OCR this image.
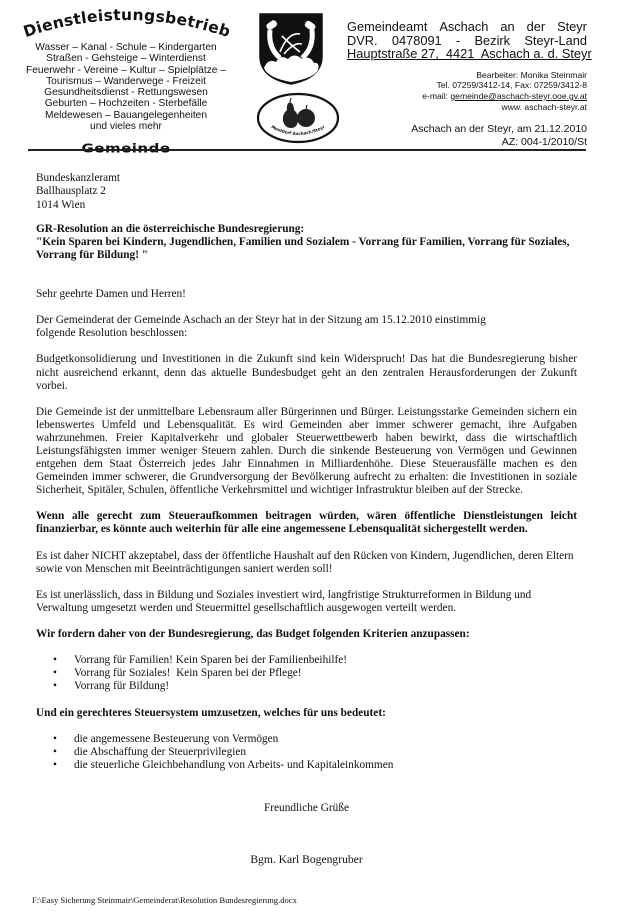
Dienstleistungsbetrieb
Wasser – Kanal - Schule – Kindergarten
Straßen - Gehsteige – Winterdienst
Feuerwehr - Vereine – Kultur – Spielplätze –
Tourismus – Wanderwege - Freizeit
Gesundheitsdienst - Rettungswesen
Geburten – Hochzeiten - Sterbefälle
Meldewesen – Bauangelegenheiten
und vieles mehr	Mostdorf Aschach/Steyr
Gemeindeamt Aschach an der Steyr
DVR. 0478091 - Bezirk Steyr-Land
Hauptstraße 27,  4421  Aschach a. d. Steyr
Bearbeiter: Monika Steinmair
Tel. 07259/3412-14, Fax: 07259/3412-8
e-mail: gemeinde@aschach-steyr.ooe.gv.at
www. aschach-steyr.at
Aschach an der Steyr, am 21.12.2010
AZ: 004-1/2010/St
Bundeskanzleramt
Ballhausplatz 2
1014 Wien

GR-Resolution an die österreichische Bundesregierung:

"Kein Sparen bei Kindern, Jugendlichen, Familien und Sozialem - Vorrang für Familien, Vorrang für Soziales, Vorrang für Bildung! "

Sehr geehrte Damen und Herren!

Der Gemeinderat der Gemeinde Aschach an der Steyr hat in der Sitzung am 15.12.2010 einstimmig folgende Resolution beschlossen:

Budgetkonsolidierung und Investitionen in die Zukunft sind kein Widerspruch! Das hat die Bundesregierung bisher nicht ausreichend erkannt, denn das aktuelle Bundesbudget geht an den zentralen Herausforderungen der Zukunft vorbei.

Die Gemeinde ist der unmittelbare Lebensraum aller Bürgerinnen und Bürger. Leistungsstarke Gemeinden sichern ein lebenswertes Umfeld und Lebensqualität. Es wird Gemeinden aber immer schwerer gemacht, ihre Aufgaben wahrzunehmen. Freier Kapitalverkehr und globaler Steuerwettbewerb haben bewirkt, dass die wirtschaftlich Leistungsfähigsten immer weniger Steuern zahlen. Durch die sinkende Besteuerung von Vermögen und Gewinnen entgehen dem Staat Österreich jedes Jahr Einnahmen in Milliardenhöhe. Diese Steuerausfälle machen es den Gemeinden immer schwerer, die Grundversorgung der Bevölkerung aufrecht zu erhalten: die Investitionen in soziale Sicherheit, Spitäler, Schulen, öffentliche Verkehrsmittel und wichtiger Infrastruktur bleiben auf der Strecke.

Wenn alle gerecht zum Steueraufkommen beitragen würden, wären öffentliche Dienstleistungen leicht finanzierbar, es könnte auch weiterhin für alle eine angemessene Lebensqualität sichergestellt werden.

Es ist daher NICHT akzeptabel, dass der öffentliche Haushalt auf den Rücken von Kindern, Jugendlichen, deren Eltern sowie von Menschen mit Beeinträchtigungen saniert werden soll!

Es ist unerlässlich, dass in Bildung und Soziales investiert wird, langfristige Strukturreformen in Bildung und Verwaltung umgesetzt werden und Steuermittel gesellschaftlich ausgewogen verteilt werden.

Wir fordern daher von der Bundesregierung, das Budget folgenden Kriterien anzupassen:

• Vorrang für Familien! Kein Sparen bei der Familienbeihilfe!
• Vorrang für Soziales!  Kein Sparen bei der Pflege!
• Vorrang für Bildung!

Und ein gerechteres Steuersystem umzusetzen, welches für uns bedeutet:

• die angemessene Besteuerung von Vermögen
• die Abschaffung der Steuerprivilegien
• die steuerliche Gleichbehandlung von Arbeits- und Kapitaleinkommen

Freundliche Grüße

Bgm. Karl Bogengruber

F:\Easy Sicherung Steinmair\Gemeinderat\Resolution Bundesregierung.docx
